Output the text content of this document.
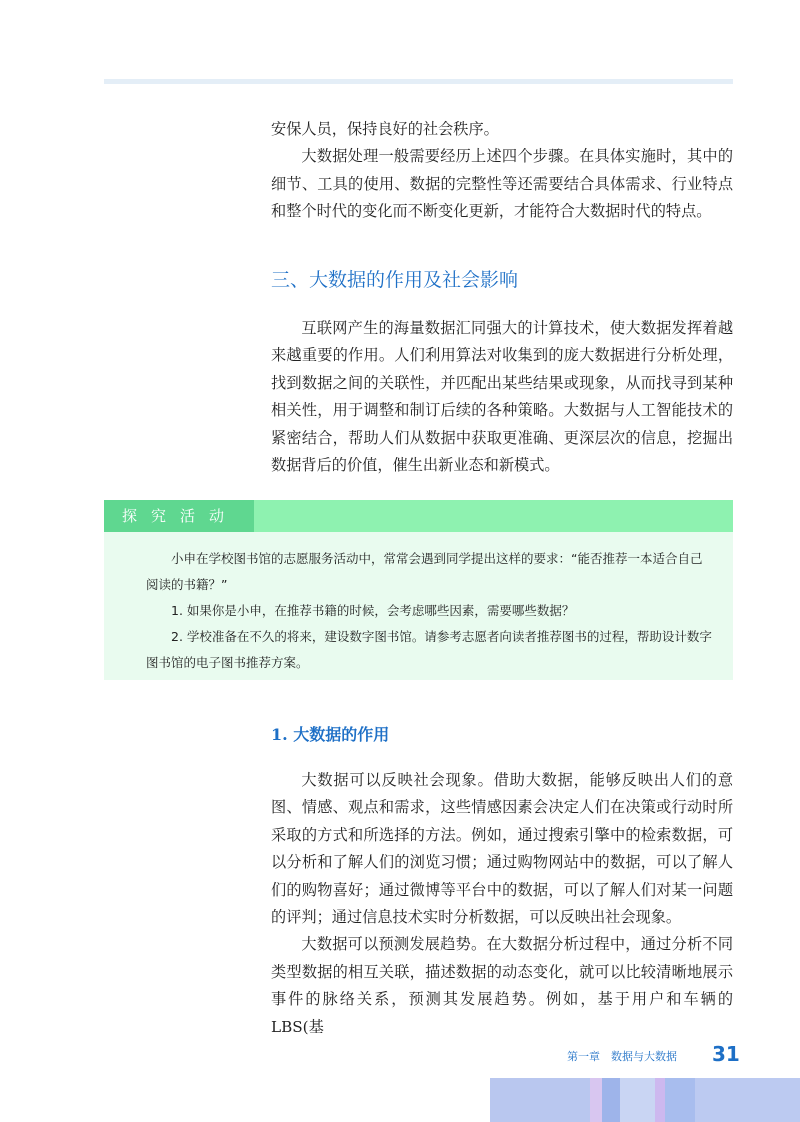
安保人员，保持良好的社会秩序。

大数据处理一般需要经历上述四个步骤。在具体实施时，其中的细节、工具的使用、数据的完整性等还需要结合具体需求、行业特点和整个时代的变化而不断变化更新，才能符合大数据时代的特点。

三、大数据的作用及社会影响

互联网产生的海量数据汇同强大的计算技术，使大数据发挥着越来越重要的作用。人们利用算法对收集到的庞大数据进行分析处理，找到数据之间的关联性，并匹配出某些结果或现象，从而找寻到某种相关性，用于调整和制订后续的各种策略。大数据与人工智能技术的紧密结合，帮助人们从数据中获取更准确、更深层次的信息，挖掘出数据背后的价值，催生出新业态和新模式。

探究活动

小申在学校图书馆的志愿服务活动中，常常会遇到同学提出这样的要求：“能否推荐一本适合自己阅读的书籍？”

1. 如果你是小申，在推荐书籍的时候，会考虑哪些因素，需要哪些数据？

2. 学校准备在不久的将来，建设数字图书馆。请参考志愿者向读者推荐图书的过程，帮助设计数字图书馆的电子图书推荐方案。

1. 大数据的作用

大数据可以反映社会现象。借助大数据，能够反映出人们的意图、情感、观点和需求，这些情感因素会决定人们在决策或行动时所采取的方式和所选择的方法。例如，通过搜索引擎中的检索数据，可以分析和了解人们的浏览习惯；通过购物网站中的数据，可以了解人们的购物喜好；通过微博等平台中的数据，可以了解人们对某一问题的评判；通过信息技术实时分析数据，可以反映出社会现象。

大数据可以预测发展趋势。在大数据分析过程中，通过分析不同类型数据的相互关联，描述数据的动态变化，就可以比较清晰地展示事件的脉络关系，预测其发展趋势。例如，基于用户和车辆的 LBS(基

第一章　数据与大数据 31
